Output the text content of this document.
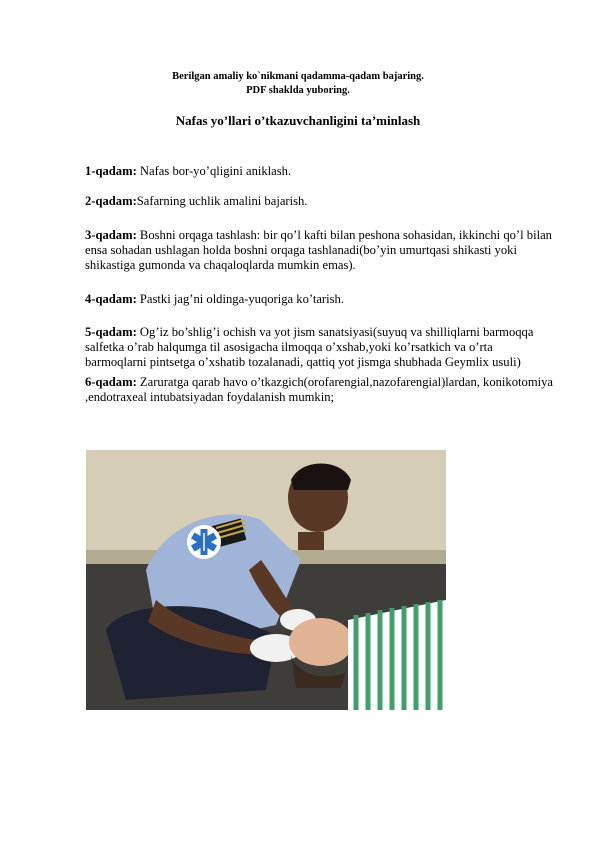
Berilgan amaliy ko`nikmani qadamma-qadam bajaring.
PDF shaklda yuboring.
Nafas yo’llari o’tkazuvchanligini ta’minlash
1-qadam: Nafas bor-yo’qligini aniklash.
2-qadam:Safarning uchlik amalini bajarish.
3-qadam: Boshni orqaga tashlash: bir qo’l kafti bilan peshona sohasidan, ikkinchi qo’l bilan ensa sohadan ushlagan holda boshni orqaga tashlanadi(bo’yin umurtqasi shikasti yoki shikastiga gumonda va chaqaloqlarda mumkin emas).
4-qadam: Pastki jag’ni oldinga-yuqoriga ko’tarish.
5-qadam: Og’iz bo’shlig’i ochish va yot jism sanatsiyasi(suyuq va shilliqlarni barmoqqa salfetka o’rab halqumga til asosigacha ilmoqqa o’xshab,yoki ko’rsatkich va o’rta barmoqlarni pintsetga o’xshatib tozalanadi, qattiq yot jismga shubhada Geymlix usuli)
6-qadam: Zaruratga qarab havo o’tkazgich(orofarengial,nazofarengial)lardan, konikotomiya ,endotraxeal intubatsiyadan foydalanish mumkin;
